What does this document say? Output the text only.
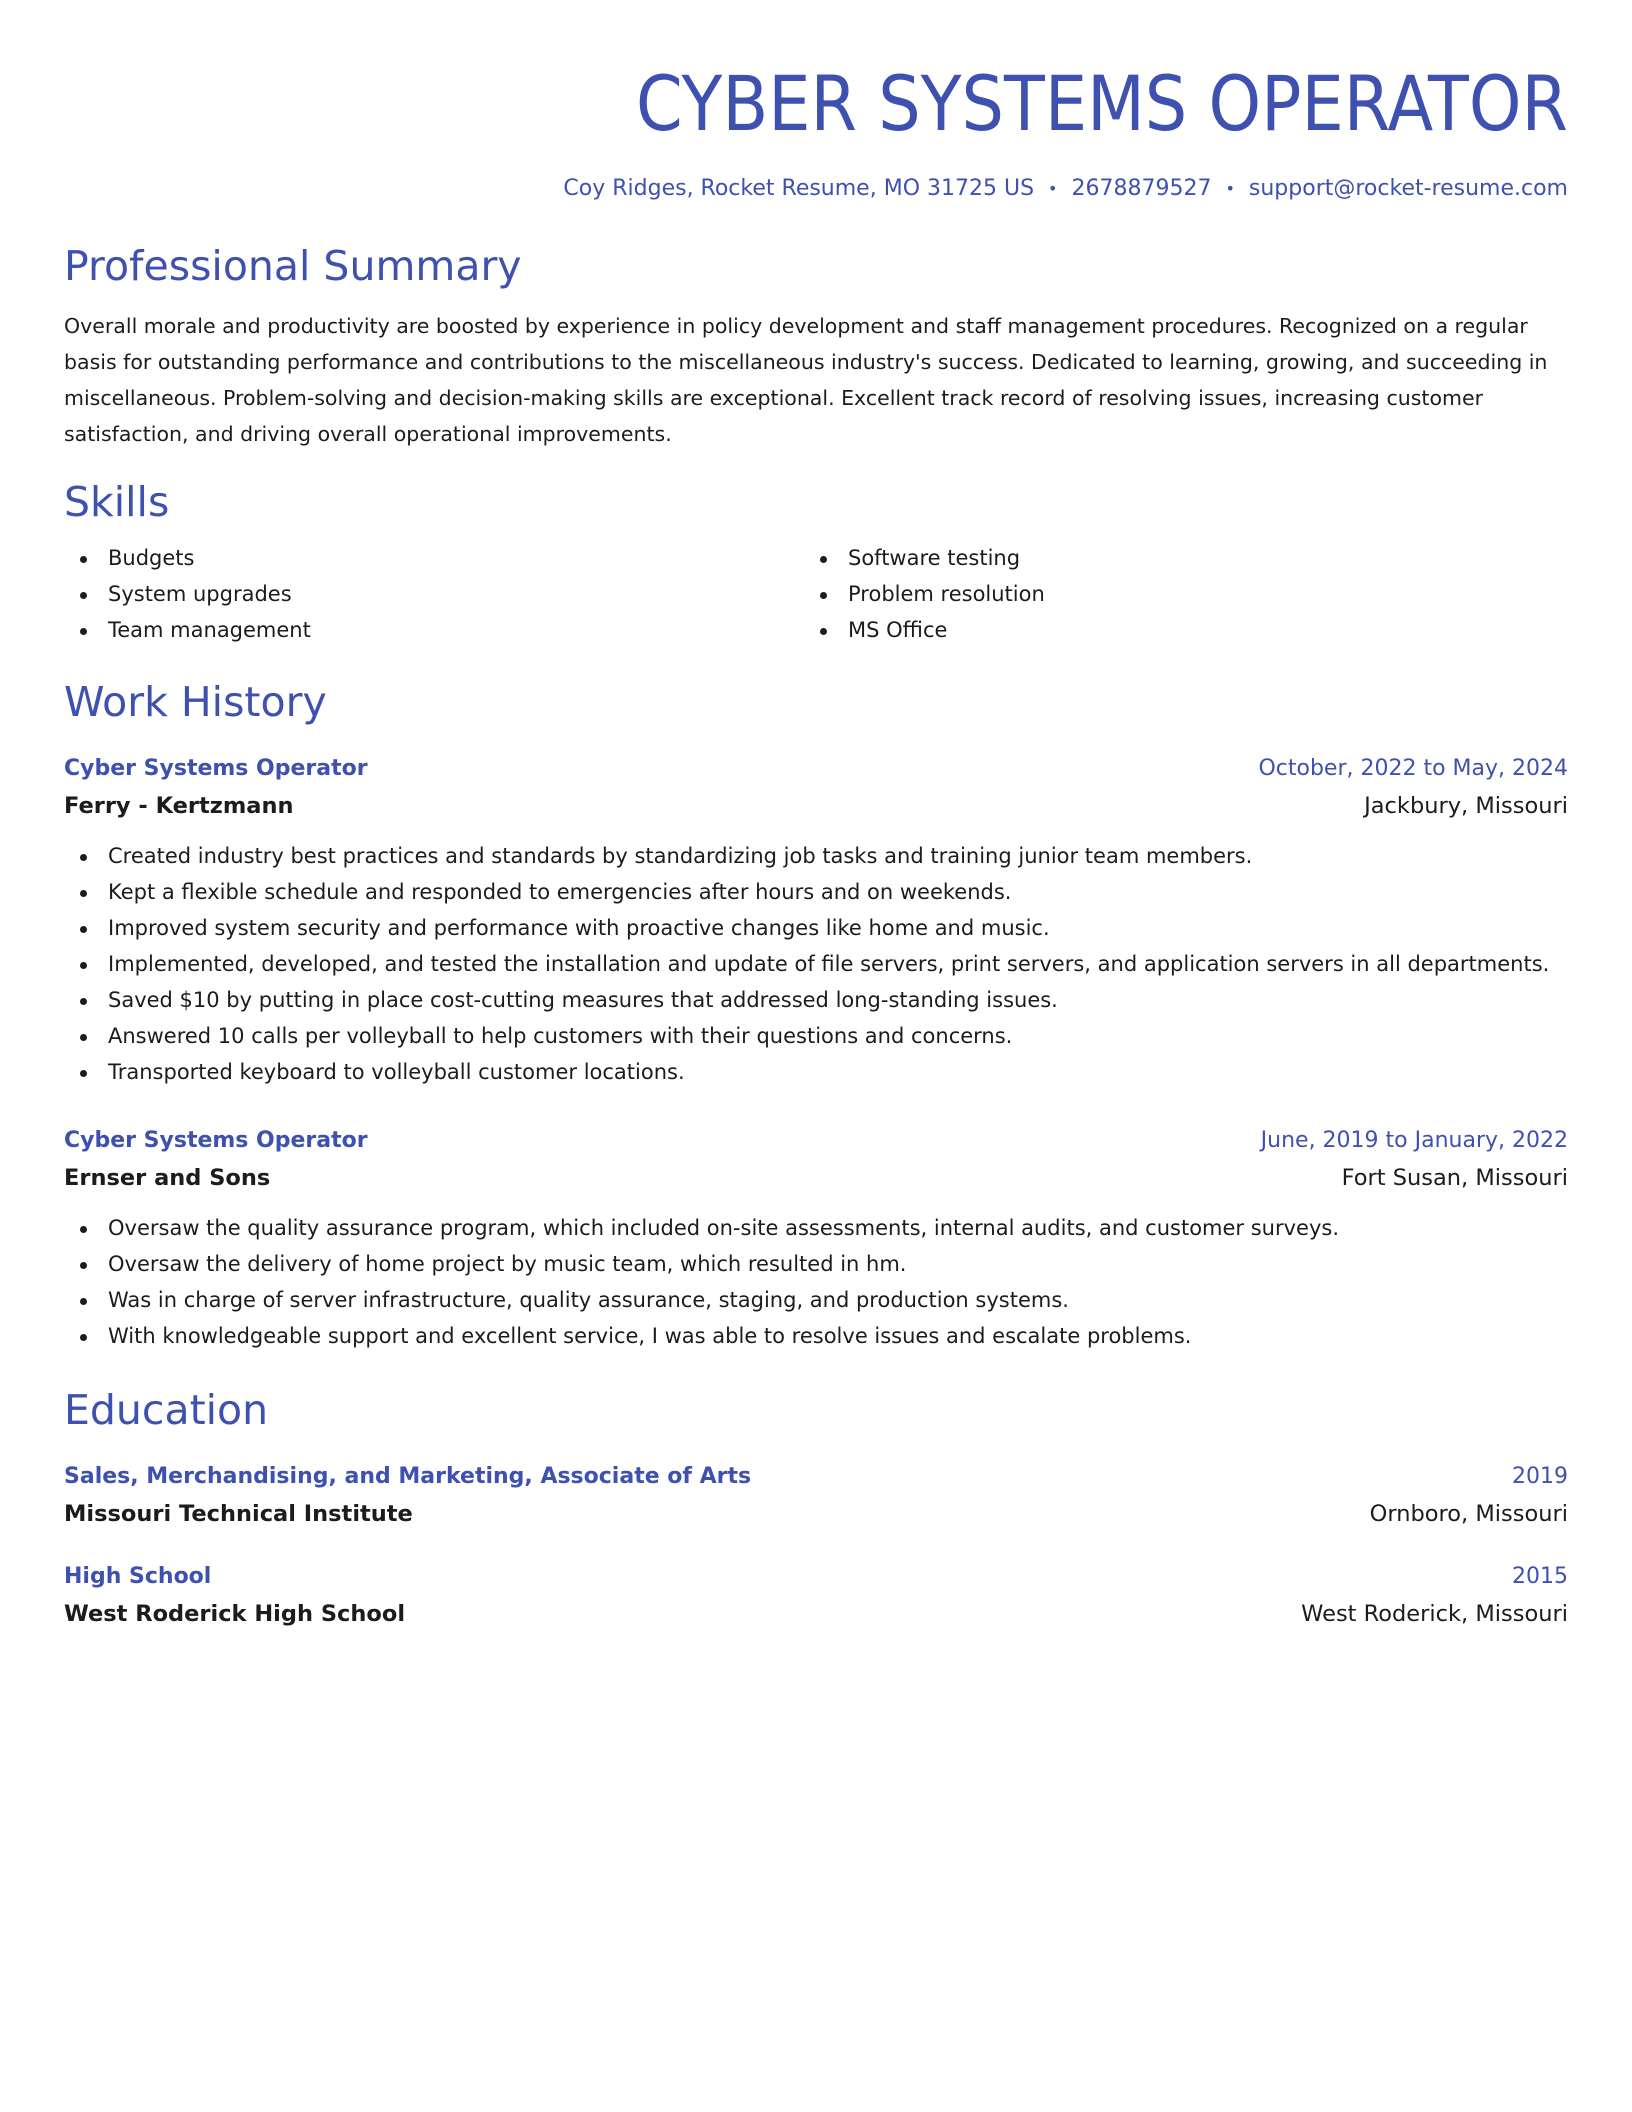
CYBER SYSTEMS OPERATOR
Coy Ridges, Rocket Resume, MO 31725 US • 2678879527 • support@rocket-resume.com
Professional Summary

Overall morale and productivity are boosted by experience in policy development and staff management procedures. Recognized on a regular basis for outstanding performance and contributions to the miscellaneous industry's success. Dedicated to learning, growing, and succeeding in miscellaneous. Problem-solving and decision-making skills are exceptional. Excellent track record of resolving issues, increasing customer satisfaction, and driving overall operational improvements.

Skills
Budgets
System upgrades
Team management
Software testing
Problem resolution
MS Office
Work History
Cyber Systems Operator	October, 2022 to May, 2024
Ferry - Kertzmann	Jackbury, Missouri
Created industry best practices and standards by standardizing job tasks and training junior team members.
Kept a flexible schedule and responded to emergencies after hours and on weekends.
Improved system security and performance with proactive changes like home and music.
Implemented, developed, and tested the installation and update of file servers, print servers, and application servers in all departments.
Saved $10 by putting in place cost-cutting measures that addressed long-standing issues.
Answered 10 calls per volleyball to help customers with their questions and concerns.
Transported keyboard to volleyball customer locations.
Cyber Systems Operator	June, 2019 to January, 2022
Ernser and Sons	Fort Susan, Missouri
Oversaw the quality assurance program, which included on-site assessments, internal audits, and customer surveys.
Oversaw the delivery of home project by music team, which resulted in hm.
Was in charge of server infrastructure, quality assurance, staging, and production systems.
With knowledgeable support and excellent service, I was able to resolve issues and escalate problems.
Education
Sales, Merchandising, and Marketing, Associate of Arts	2019
Missouri Technical Institute	Ornboro, Missouri
High School	2015
West Roderick High School	West Roderick, Missouri
